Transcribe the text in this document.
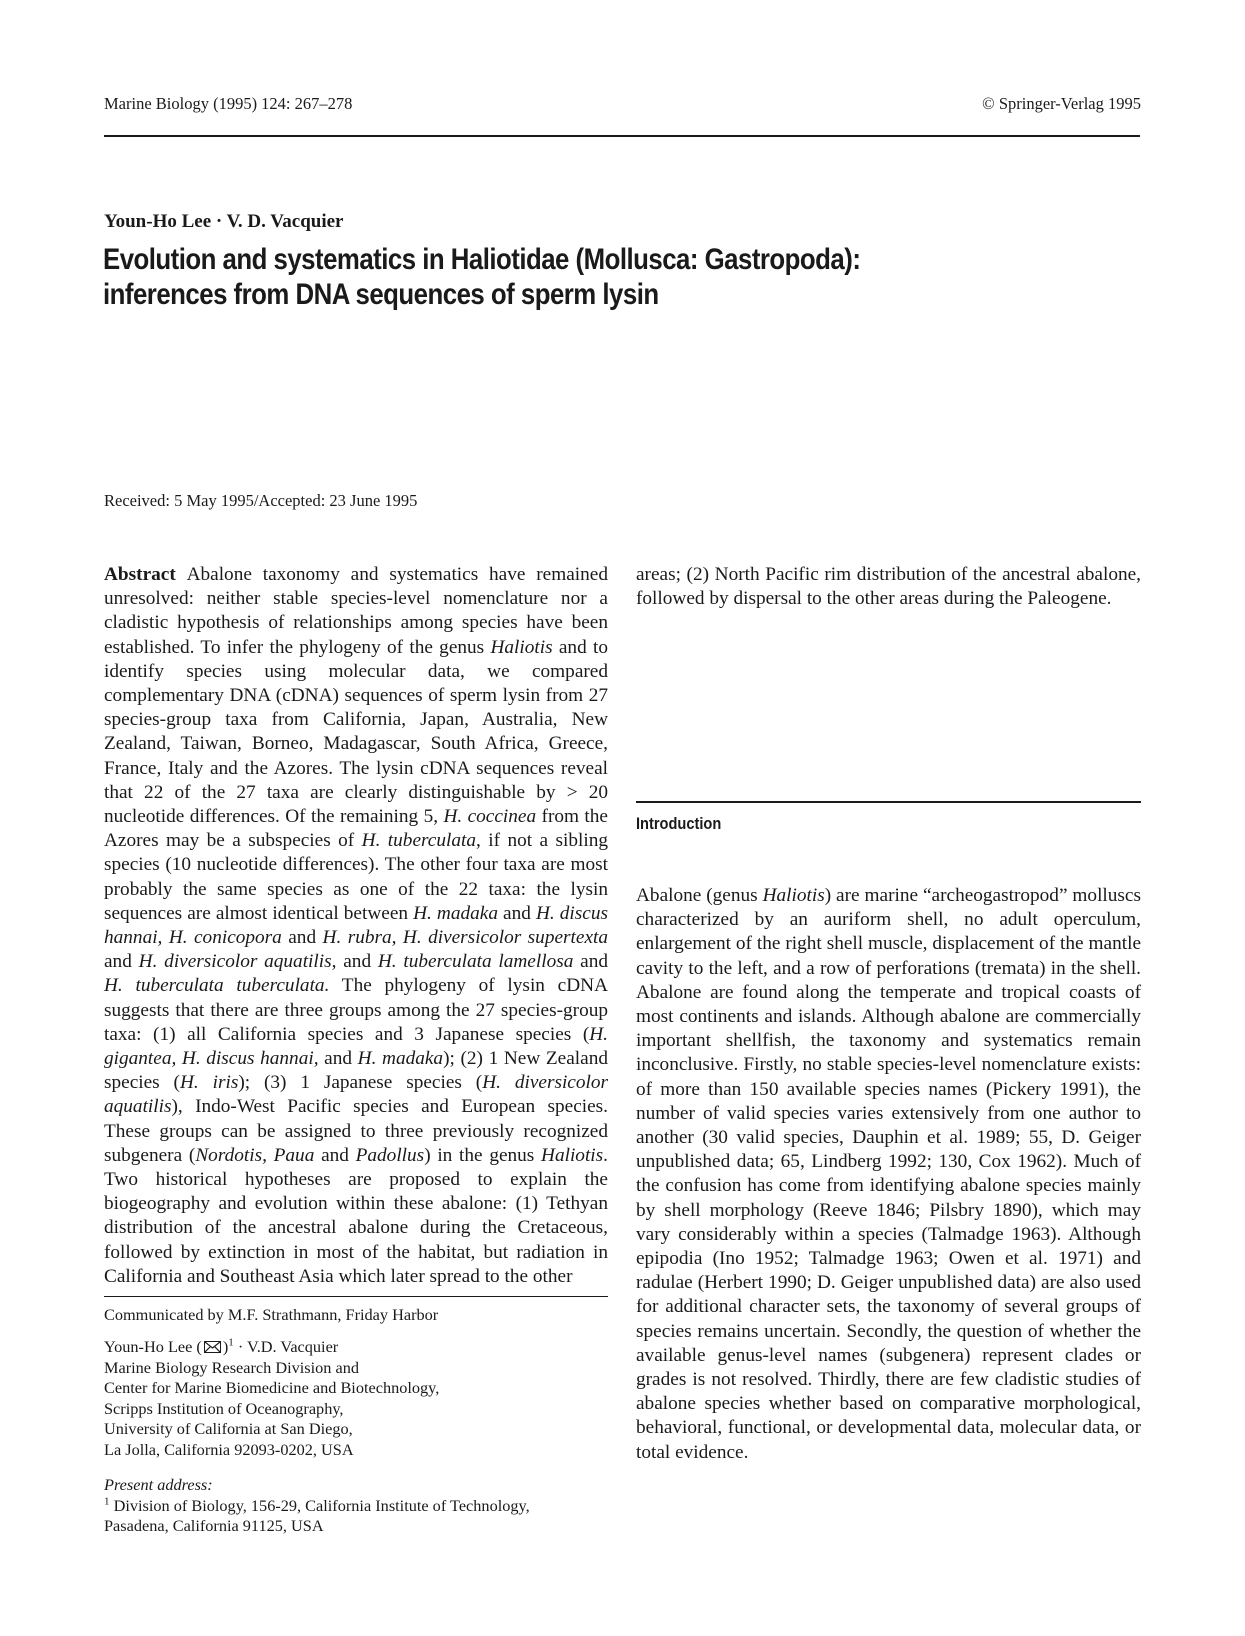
Marine Biology (1995) 124: 267–278	© Springer-Verlag 1995
Youn-Ho Lee · V. D. Vacquier
Evolution and systematics in Haliotidae (Mollusca: Gastropoda):
inferences from DNA sequences of sperm lysin
Received: 5 May 1995/Accepted: 23 June 1995

Abstract Abalone taxonomy and systematics have remained unresolved: neither stable species-level nomenclature nor a cladistic hypothesis of relationships among species have been established. To infer the phylogeny of the genus Haliotis and to identify species using molecular data, we compared complementary DNA (cDNA) sequences of sperm lysin from 27 species-group taxa from California, Japan, Australia, New Zealand, Taiwan, Borneo, Madagascar, South Africa, Greece, France, Italy and the Azores. The lysin cDNA sequences reveal that 22 of the 27 taxa are clearly distinguishable by > 20 nucleotide differences. Of the remaining 5, H. coccinea from the Azores may be a subspecies of H. tuberculata, if not a sibling species (10 nucleotide differences). The other four taxa are most probably the same species as one of the 22 taxa: the lysin sequences are almost identical between H. madaka and H. discus hannai, H. conicopora and H. rubra, H. diversicolor supertexta and H. diversicolor aquatilis, and H. tuberculata lamellosa and H. tuberculata tuberculata. The phylogeny of lysin cDNA suggests that there are three groups among the 27 species-group taxa: (1) all California species and 3 Japanese species (H. gigantea, H. discus hannai, and H. madaka); (2) 1 New Zealand species (H. iris); (3) 1 Japanese species (H. diversicolor aquatilis), Indo-West Pacific species and European species. These groups can be assigned to three previously recognized subgenera (Nordotis, Paua and Padollus) in the genus Haliotis. Two historical hypotheses are proposed to explain the biogeography and evolution within these abalone: (1) Tethyan distribution of the ancestral abalone during the Cretaceous, followed by extinction in most of the habitat, but radiation in California and Southeast Asia which later spread to the other

areas; (2) North Pacific rim distribution of the ancestral abalone, followed by dispersal to the other areas during the Paleogene.

Introduction

Abalone (genus Haliotis) are marine “archeogastropod” molluscs characterized by an auriform shell, no adult operculum, enlargement of the right shell muscle, displacement of the mantle cavity to the left, and a row of perforations (tremata) in the shell. Abalone are found along the temperate and tropical coasts of most continents and islands. Although abalone are commercially important shellfish, the taxonomy and systematics remain inconclusive. Firstly, no stable species-level nomenclature exists: of more than 150 available species names (Pickery 1991), the number of valid species varies extensively from one author to another (30 valid species, Dauphin et al. 1989; 55, D. Geiger unpublished data; 65, Lindberg 1992; 130, Cox 1962). Much of the confusion has come from identifying abalone species mainly by shell morphology (Reeve 1846; Pilsbry 1890), which may vary considerably within a species (Talmadge 1963). Although epipodia (Ino 1952; Talmadge 1963; Owen et al. 1971) and radulae (Herbert 1990; D. Geiger unpublished data) are also used for additional character sets, the taxonomy of several groups of species remains uncertain. Secondly, the question of whether the available genus-level names (subgenera) represent clades or grades is not resolved. Thirdly, there are few cladistic studies of abalone species whether based on comparative morphological, behavioral, functional, or developmental data, molecular data, or total evidence.

Communicated by M.F. Strathmann, Friday Harbor

Youn-Ho Lee ( )$^1$ · V.D. Vacquier

Marine Biology Research Division and

Center for Marine Biomedicine and Biotechnology,

Scripps Institution of Oceanography,

University of California at San Diego,

La Jolla, California 92093-0202, USA

Present address:

$^1$ Division of Biology, 156-29, California Institute of Technology,

Pasadena, California 91125, USA
